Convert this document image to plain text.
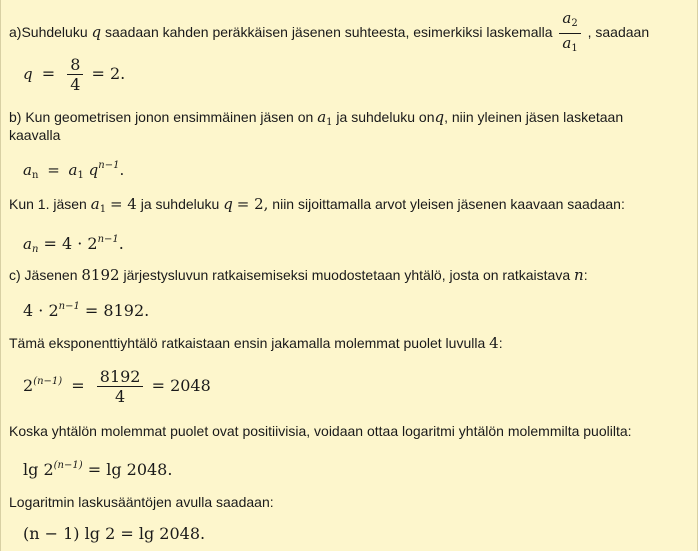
a)Suhdeluku q saadaan kahden peräkkäisen jäsenen suhteesta, esimerkiksi laskemalla $\frac{a_2}{a_1}$ , saadaan
$q = \frac{8}{4} = 2$.
b) Kun geometrisen jonon ensimmäinen jäsen on $a_1$ ja suhdeluku onq, niin yleinen jäsen lasketaan
kaavalla
$a_n = a_1$ $q^{n-1}$.
Kun 1. jäsen $a_1 = 4$ ja suhdeluku q = 2, niin sijoittamalla arvot yleisen jäsenen kaavaan saadaan:
$a_n = 4 \cdot 2^{n-1}$.
c) Jäsenen 8192 järjestysluvun ratkaisemiseksi muodostetaan yhtälö, josta on ratkaistava n:
$4 \cdot 2^{n-1} = 8192$.
Tämä eksponenttiyhtälö ratkaistaan ensin jakamalla molemmat puolet luvulla 4:
$2^{(n-1)} = \frac{8192}{4} = 2048$
Koska yhtälön molemmat puolet ovat positiivisia, voidaan ottaa logaritmi yhtälön molemmilta puolilta:
$\lg 2^{(n-1)} = \lg 2048$.
Logaritmin laskusääntöjen avulla saadaan:
(n − 1) lg 2 = lg 2048.
